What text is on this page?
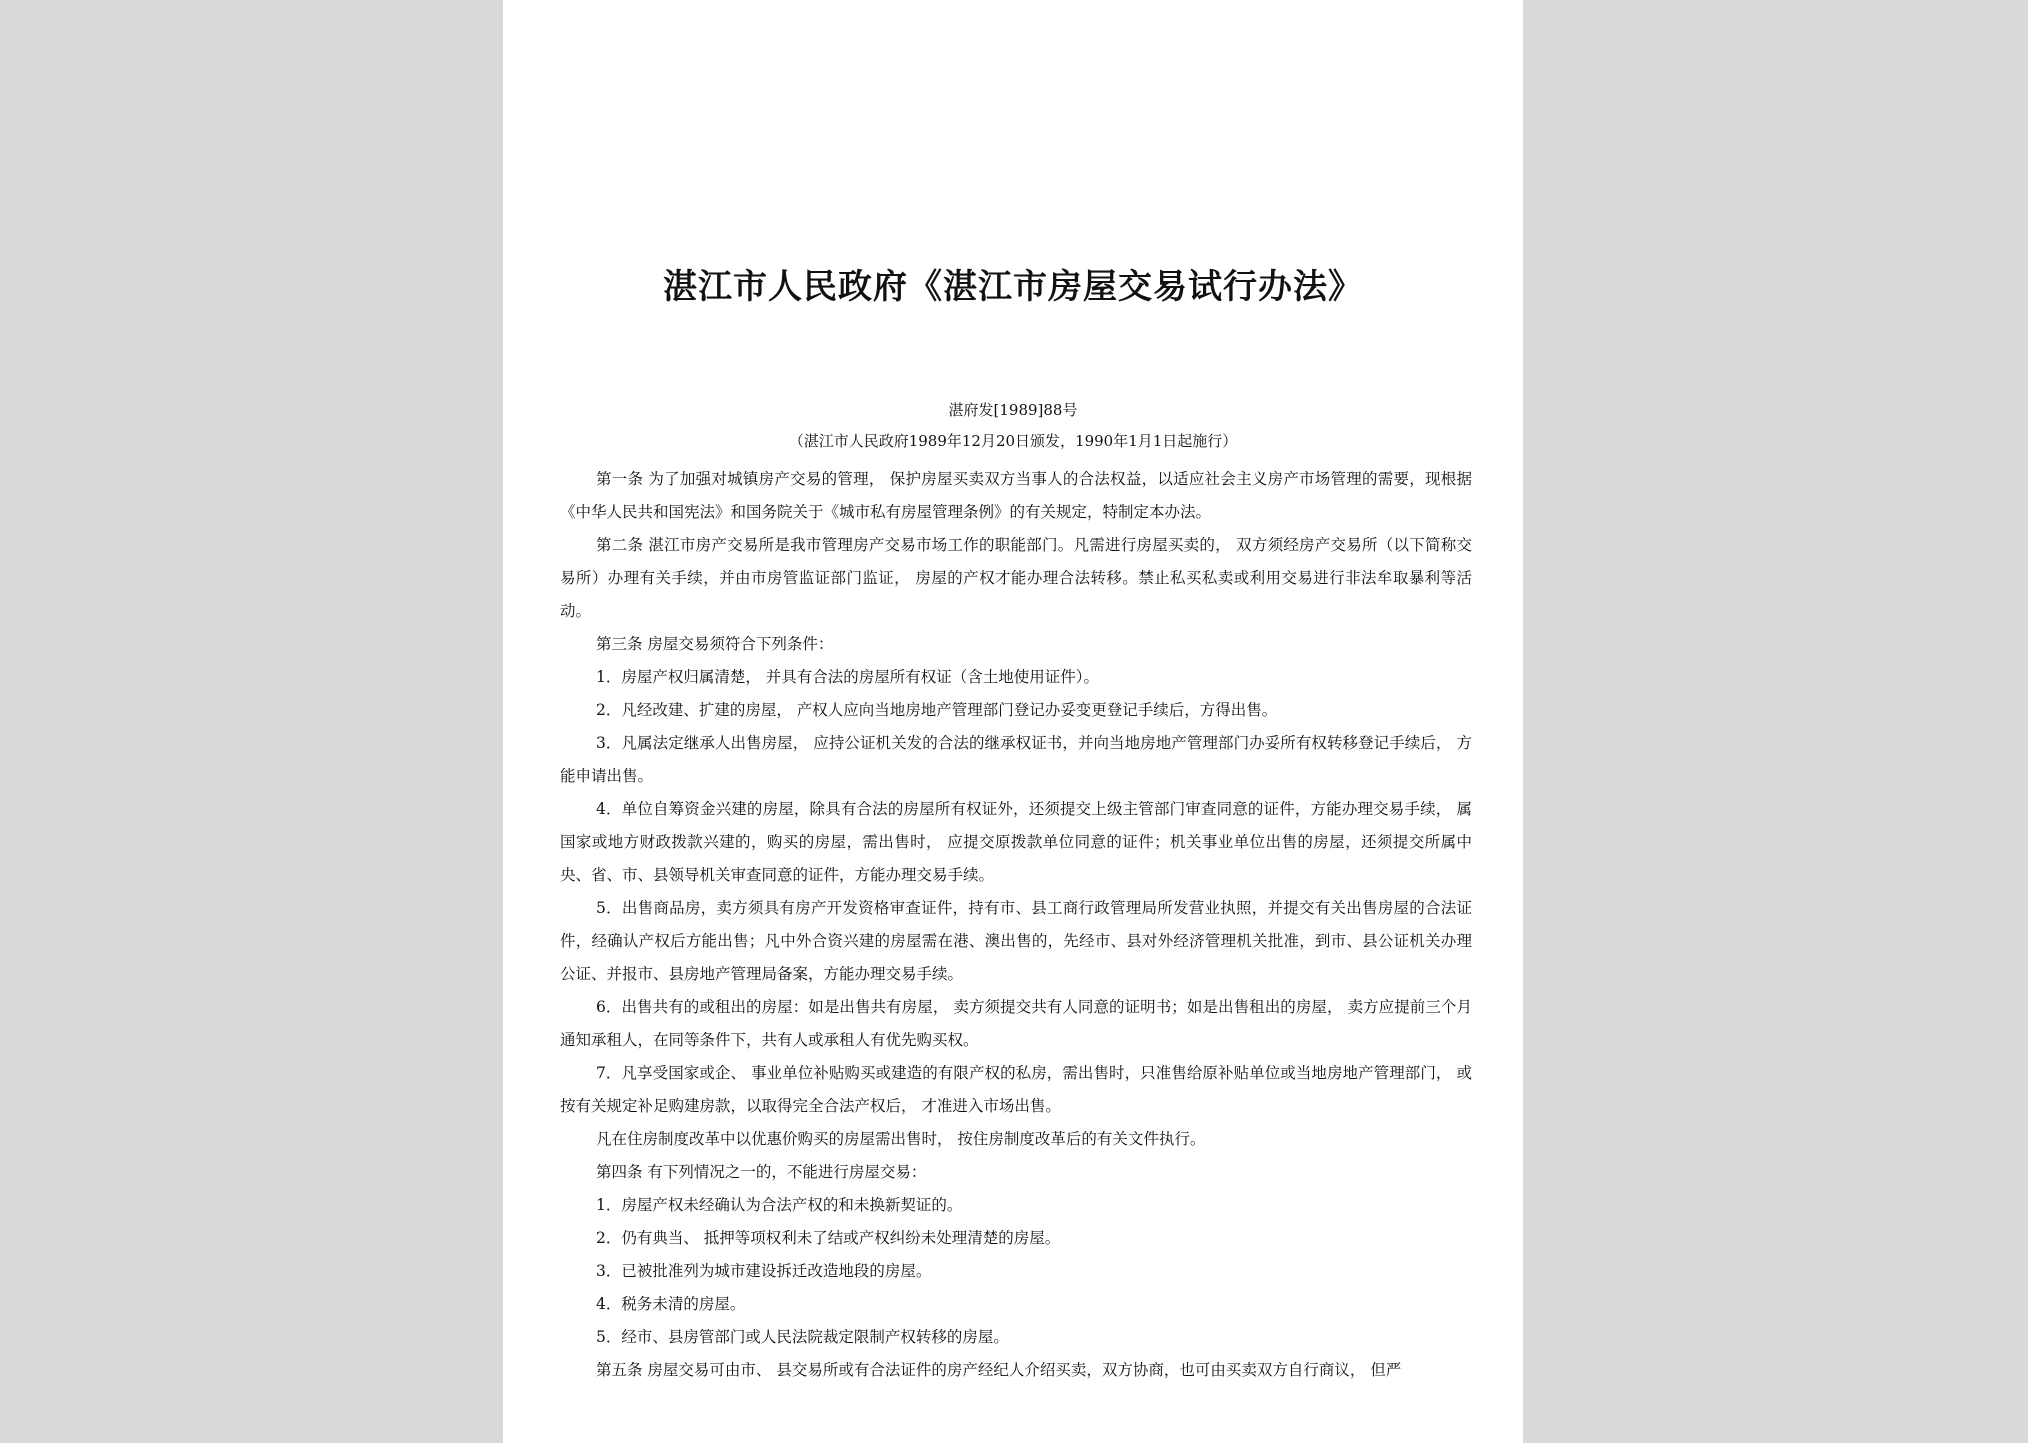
湛江市人民政府《湛江市房屋交易试行办法》
湛府发[1989]88号
（湛江市人民政府1989年12月20日颁发，1990年1月1日起施行）

第一条 为了加强对城镇房产交易的管理， 保护房屋买卖双方当事人的合法权益，以适应社会主义房产市场管理的需要，现根据《中华人民共和国宪法》和国务院关于《城市私有房屋管理条例》的有关规定，特制定本办法。

第二条 湛江市房产交易所是我市管理房产交易市场工作的职能部门。凡需进行房屋买卖的， 双方须经房产交易所（以下简称交易所）办理有关手续，并由市房管监证部门监证， 房屋的产权才能办理合法转移。禁止私买私卖或利用交易进行非法牟取暴利等活动。

第三条 房屋交易须符合下列条件：

1．房屋产权归属清楚， 并具有合法的房屋所有权证（含土地使用证件）。

2．凡经改建、扩建的房屋， 产权人应向当地房地产管理部门登记办妥变更登记手续后，方得出售。

3．凡属法定继承人出售房屋， 应持公证机关发的合法的继承权证书，并向当地房地产管理部门办妥所有权转移登记手续后， 方能申请出售。

4．单位自筹资金兴建的房屋，除具有合法的房屋所有权证外，还须提交上级主管部门审查同意的证件，方能办理交易手续， 属国家或地方财政拨款兴建的，购买的房屋，需出售时， 应提交原拨款单位同意的证件；机关事业单位出售的房屋，还须提交所属中央、省、市、县领导机关审查同意的证件，方能办理交易手续。

5．出售商品房，卖方须具有房产开发资格审查证件，持有市、县工商行政管理局所发营业执照，并提交有关出售房屋的合法证件，经确认产权后方能出售；凡中外合资兴建的房屋需在港、澳出售的，先经市、县对外经济管理机关批准，到市、县公证机关办理公证、并报市、县房地产管理局备案，方能办理交易手续。

6．出售共有的或租出的房屋：如是出售共有房屋， 卖方须提交共有人同意的证明书；如是出售租出的房屋， 卖方应提前三个月通知承租人，在同等条件下，共有人或承租人有优先购买权。

7．凡享受国家或企、 事业单位补贴购买或建造的有限产权的私房，需出售时，只准售给原补贴单位或当地房地产管理部门， 或按有关规定补足购建房款，以取得完全合法产权后， 才准进入市场出售。

凡在住房制度改革中以优惠价购买的房屋需出售时， 按住房制度改革后的有关文件执行。

第四条 有下列情况之一的，不能进行房屋交易：

1．房屋产权未经确认为合法产权的和未换新契证的。

2．仍有典当、 抵押等项权利未了结或产权纠纷未处理清楚的房屋。

3．已被批准列为城市建设拆迁改造地段的房屋。

4．税务未清的房屋。

5．经市、县房管部门或人民法院裁定限制产权转移的房屋。

第五条 房屋交易可由市、 县交易所或有合法证件的房产经纪人介绍买卖，双方协商，也可由买卖双方自行商议， 但严
